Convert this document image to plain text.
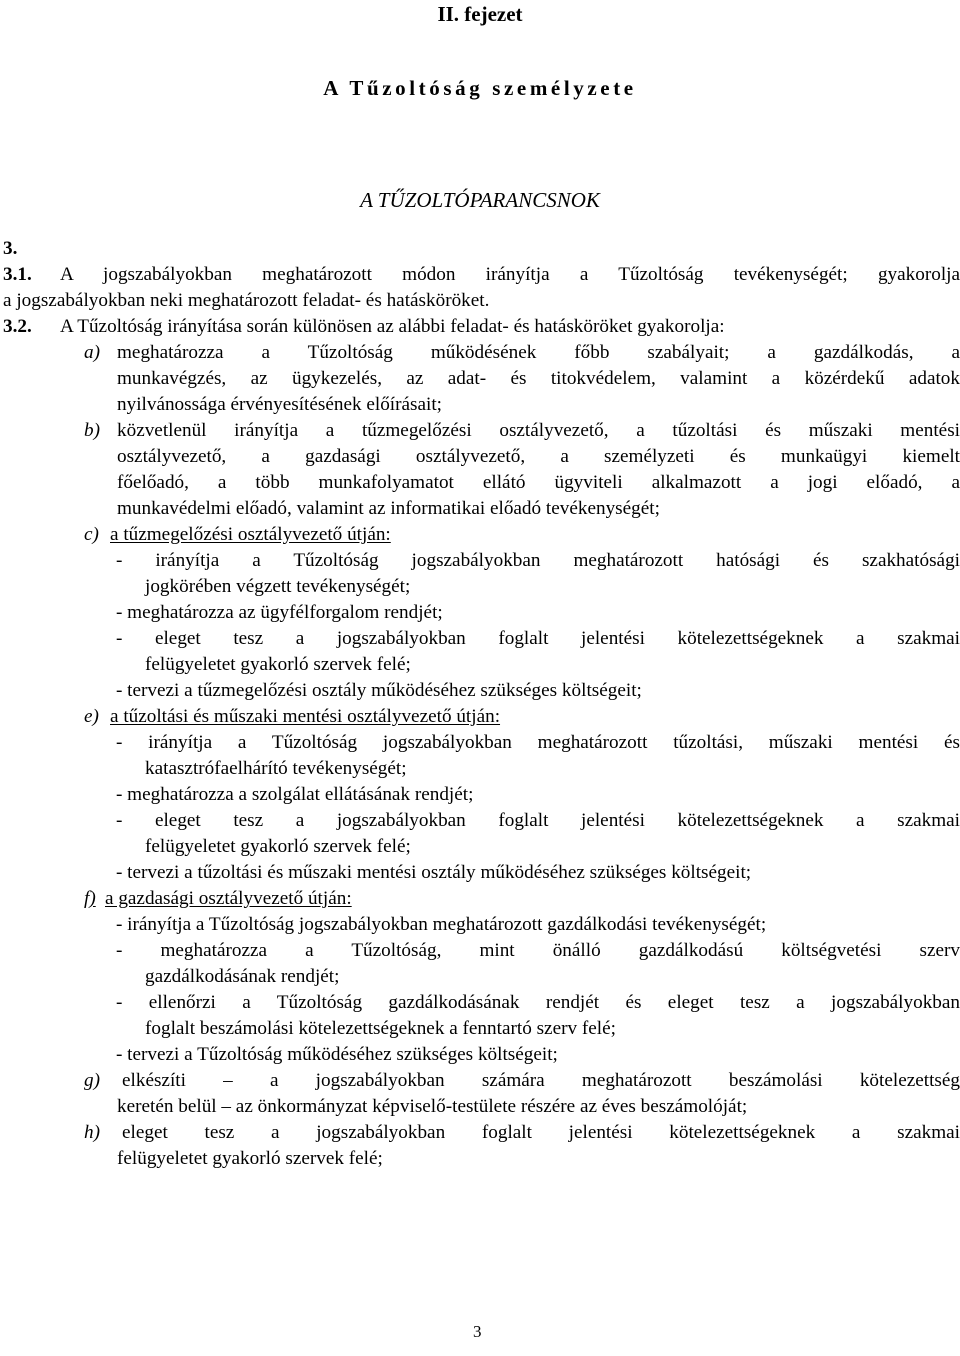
II. fejezet
A Tűzoltóság személyzete
A TŰZOLTÓPARANCSNOK
3.
3.1. A jogszabályokban meghatározott módon irányítja a Tűzoltóság tevékenységét; gyakorolja
a jogszabályokban neki meghatározott feladat- és hatásköröket.
3.2. A Tűzoltóság irányítása során különösen az alábbi feladat- és hatásköröket gyakorolja:
a) meghatározza a Tűzoltóság működésének főbb szabályait; a gazdálkodás, a
munkavégzés, az ügykezelés, az adat- és titokvédelem, valamint a közérdekű adatok
nyilvánossága érvényesítésének előírásait;
b) közvetlenül irányítja a tűzmegelőzési osztályvezető, a tűzoltási és műszaki mentési
osztályvezető, a gazdasági osztályvezető, a személyzeti és munkaügyi kiemelt
főelőadó, a több munkafolyamatot ellátó ügyviteli alkalmazott a jogi előadó, a
munkavédelmi előadó, valamint az informatikai előadó tevékenységét;
c) a tűzmegelőzési osztályvezető útján:
- irányítja a Tűzoltóság jogszabályokban meghatározott hatósági és szakhatósági
jogkörében végzett tevékenységét;
- meghatározza az ügyfélforgalom rendjét;
- eleget tesz a jogszabályokban foglalt jelentési kötelezettségeknek a szakmai
felügyeletet gyakorló szervek felé;
- tervezi a tűzmegelőzési osztály működéséhez szükséges költségeit;
e) a tűzoltási és műszaki mentési osztályvezető útján:
- irányítja a Tűzoltóság jogszabályokban meghatározott tűzoltási, műszaki mentési és
katasztrófaelhárító tevékenységét;
- meghatározza a szolgálat ellátásának rendjét;
- eleget tesz a jogszabályokban foglalt jelentési kötelezettségeknek a szakmai
felügyeletet gyakorló szervek felé;
- tervezi a tűzoltási és műszaki mentési osztály működéséhez szükséges költségeit;
f) a gazdasági osztályvezető útján:
- irányítja a Tűzoltóság jogszabályokban meghatározott gazdálkodási tevékenységét;
- meghatározza a Tűzoltóság, mint önálló gazdálkodású költségvetési szerv
gazdálkodásának rendjét;
- ellenőrzi a Tűzoltóság gazdálkodásának rendjét és eleget tesz a jogszabályokban
foglalt beszámolási kötelezettségeknek a fenntartó szerv felé;
- tervezi a Tűzoltóság működéséhez szükséges költségeit;
g) elkészíti – a jogszabályokban számára meghatározott beszámolási kötelezettség
keretén belül – az önkormányzat képviselő-testülete részére az éves beszámolóját;
h) eleget tesz a jogszabályokban foglalt jelentési kötelezettségeknek a szakmai
felügyeletet gyakorló szervek felé;
3
